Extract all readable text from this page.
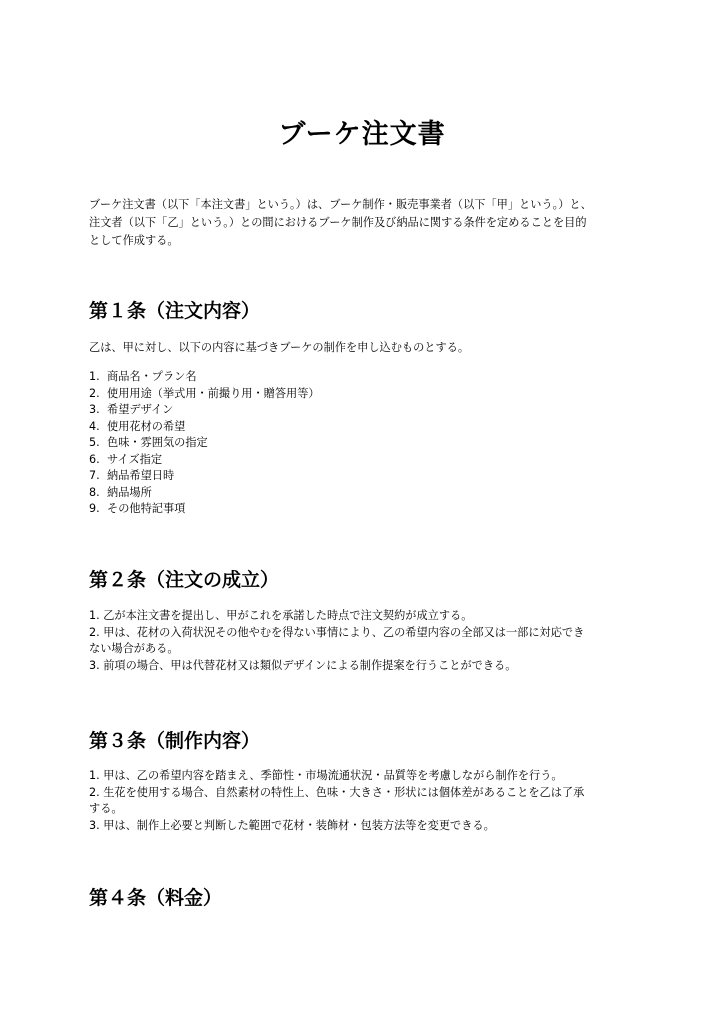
ブーケ注文書

ブーケ注文書（以下「本注文書」という。）は、ブーケ制作・販売事業者（以下「甲」という。）と、
注文者（以下「乙」という。）との間におけるブーケ制作及び納品に関する条件を定めることを目的
として作成する。

第１条（注文内容）

乙は、甲に対し、以下の内容に基づきブーケの制作を申し込むものとする。

1. 商品名・プラン名
2. 使用用途（挙式用・前撮り用・贈答用等）
3. 希望デザイン
4. 使用花材の希望
5. 色味・雰囲気の指定
6. サイズ指定
7. 納品希望日時
8. 納品場所
9. その他特記事項
第２条（注文の成立）
1. 乙が本注文書を提出し、甲がこれを承諾した時点で注文契約が成立する。
2. 甲は、花材の入荷状況その他やむを得ない事情により、乙の希望内容の全部又は一部に対応でき
ない場合がある。
3. 前項の場合、甲は代替花材又は類似デザインによる制作提案を行うことができる。
第３条（制作内容）
1. 甲は、乙の希望内容を踏まえ、季節性・市場流通状況・品質等を考慮しながら制作を行う。
2. 生花を使用する場合、自然素材の特性上、色味・大きさ・形状には個体差があることを乙は了承
する。
3. 甲は、制作上必要と判断した範囲で花材・装飾材・包装方法等を変更できる。
第４条（料金）
